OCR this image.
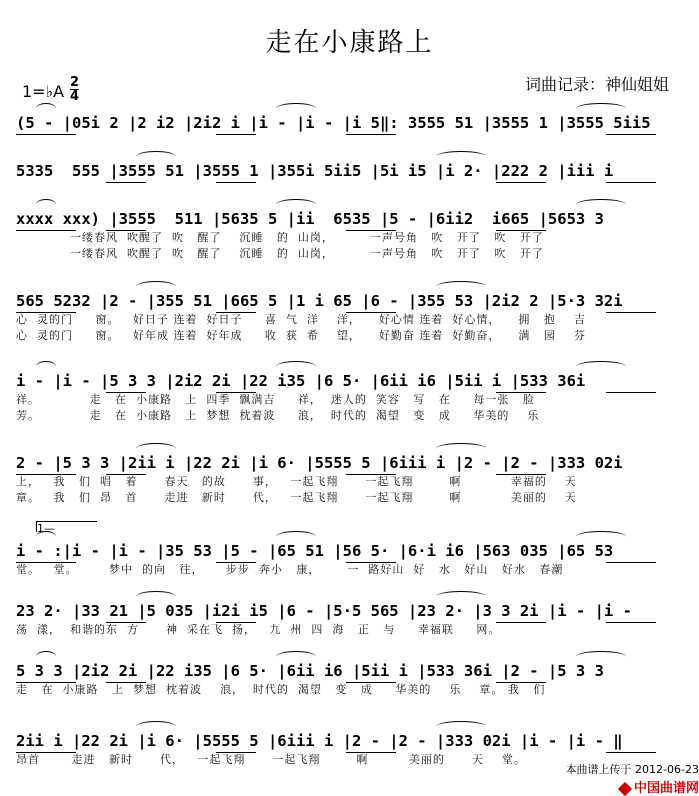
走在小康路上
1=♭A 2
4
词曲记录：神仙姐姐
(5 - |05i 2 |2 i2 |2i2 i |i - |i - |i 5‖: 3555 51 |3555 1 |3555 5ii5
5335  555 |3555 51 |3555 1 |355i 5ii5 |5i i5 |i 2· |222 2 |iii i
xxxx xxx) |3555  511 |5635 5 |ii  6535 |5 - |6ii2  i665 |5653 3
一缕春风  吹醒了  吹   醒了    沉睡   的  山岗，        一声号角   吹   开了   吹   开了
一缕春风  吹醒了  吹   醒了    沉睡   的  山岗，        一声号角   吹   开了   吹   开了
565 5232 |2 - |355 51 |665 5 |1 i 65 |6 - |355 53 |2i2 2 |5·3 32i
心  灵的门     窗。   好日子 连着  好日子     喜  气  洋    洋，    好心情 连着  好心情，    拥   抱    吉
心  灵的门     窗。   好年成 连着  好年成     收  获  希    望，    好勤奋 连着  好勤奋，    满   园    芬
i - |i - |5 3 3 |2i2 2i |22 i35 |6 5· |6ii i6 |5ii i |533 36i
祥。           走   在  小康路   上  四季  飘满吉     祥，  迷人的  笑容   写   在     每一张   脸
芳。           走   在  小康路   上  梦想  枕着波     浪，  时代的  渴望   变   成     华美的    乐
2 - |5 3 3 |2ii i |22 2i |i 6· |5555 5 |6iii i |2 - |2 - |333 02i
上，   我   们  唱   着      春天   的故      事，   一起飞翔      一起飞翔        啊           幸福的    天
章。   我   们  昂   首      走进   新时      代，   一起飞翔      一起飞翔        啊           美丽的    天
i - :|i - |i - |35 53 |5 - |65 51 |56 5· |6·i i6 |563 035 |65 53
堂。   堂。       梦中  的向   往，     步步  奔小   康，      一  路好山  好   水   好山   好水   春潮
23 2· |33 21 |5 035 |i2i i5 |6 - |5·5 565 |23 2· |3 3 2i |i - |i -
荡  漾，  和谐的东  方      神  采在飞  扬，   九  州  四  海   正   与     幸福联     网。
5 3 3 |2i2 2i |22 i35 |6 5· |6ii i6 |5ii i |533 36i |2 - |5 3 3
走   在  小康路   上  梦想  枕着波    浪，  时代的  渴望   变   成     华美的    乐    章。 我   们
2ii i |22 2i |i 6· |5555 5 |6iii i |2 - |2 - |333 02i |i - |i - ‖
昂首       走进   新时      代，   一起飞翔      一起飞翔        啊         美丽的      天    堂。
1—
本曲谱上传于 2012-06-23
中国曲谱网
